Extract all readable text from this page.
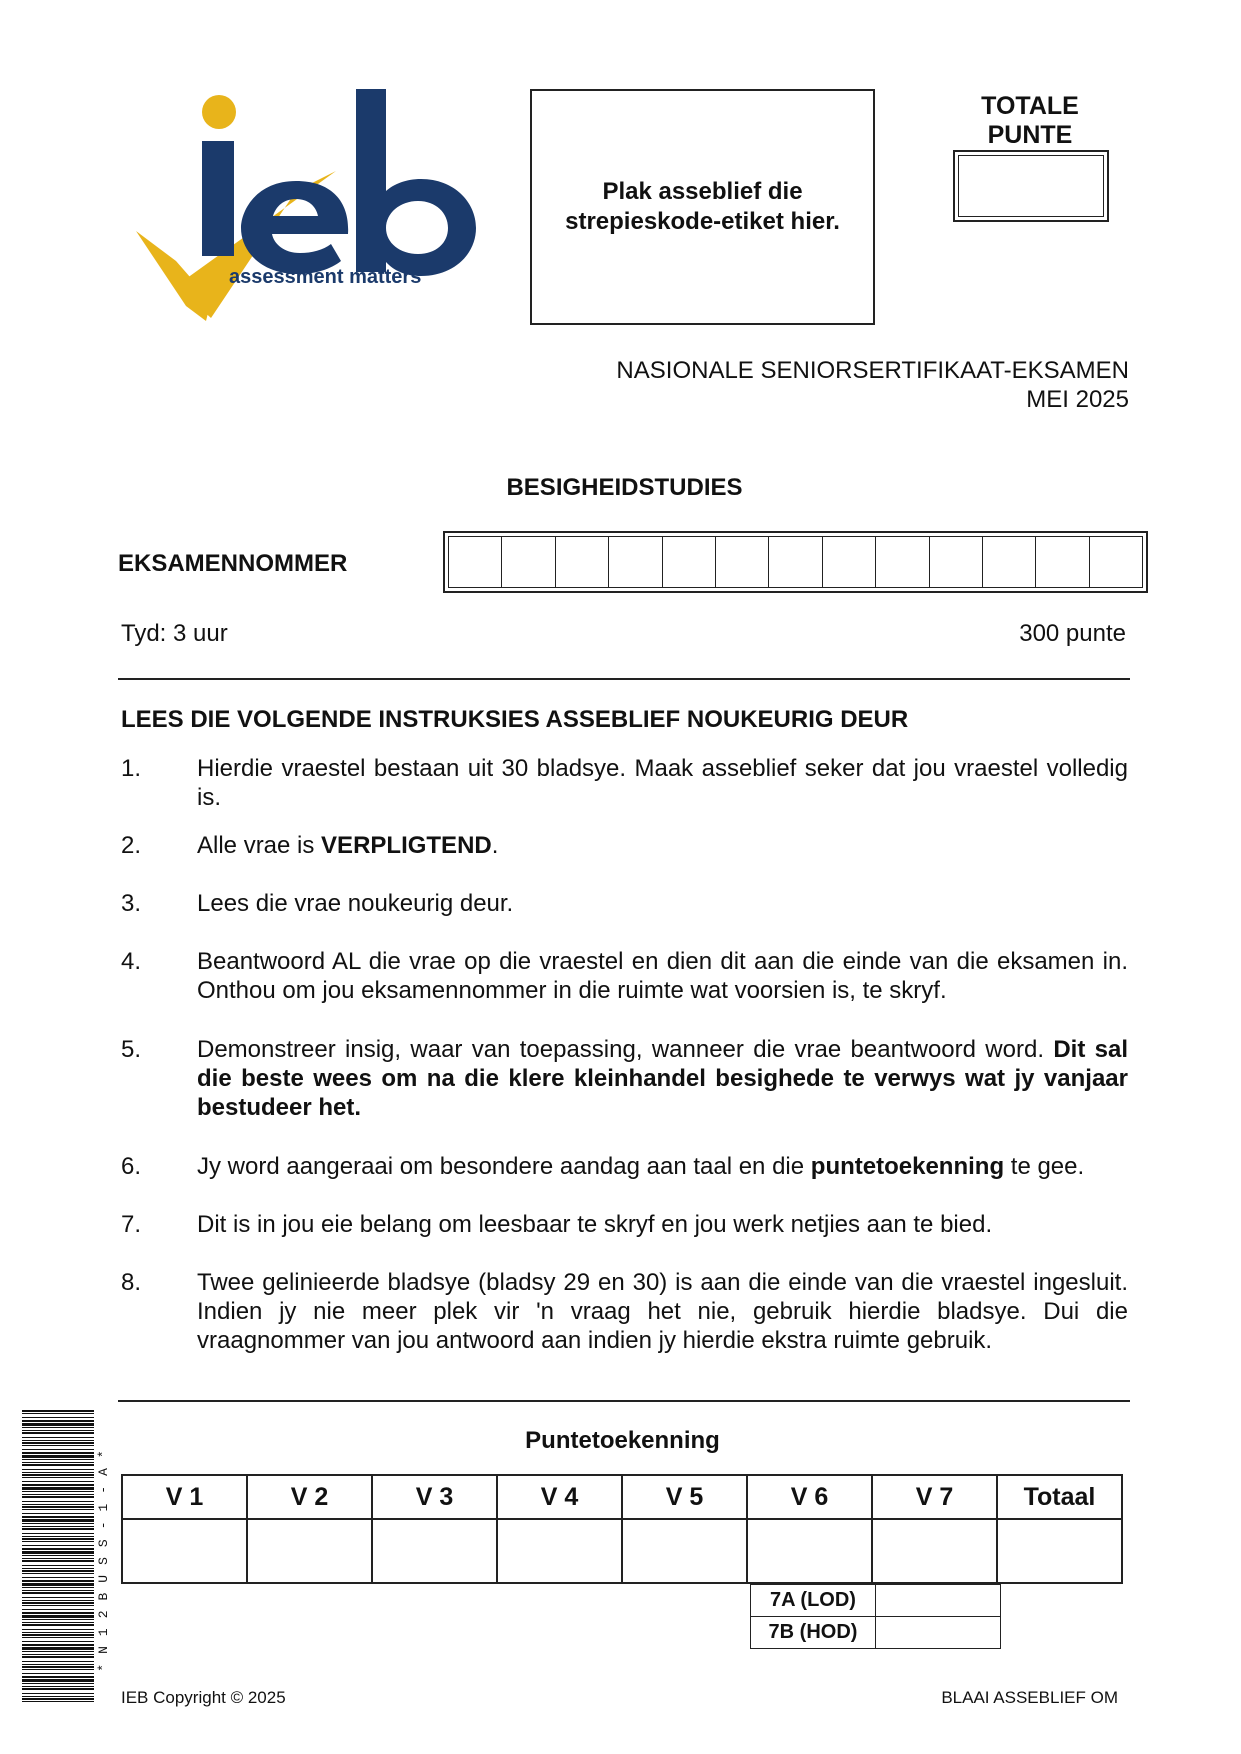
assessment matters
Plak asseblief die
strepieskode-etiket hier.
TOTALE
PUNTE
NASIONALE SENIORSERTIFIKAAT-EKSAMEN
MEI 2025
BESIGHEIDSTUDIES
EKSAMENNOMMER
Tyd: 3 uur	300 punte
LEES DIE VOLGENDE INSTRUKSIES ASSEBLIEF NOUKEURIG DEUR
1. Hierdie vraestel bestaan uit 30 bladsye. Maak asseblief seker dat jou vraestel volledig is.
2. Alle vrae is VERPLIGTEND.
3. Lees die vrae noukeurig deur.
4. Beantwoord AL die vrae op die vraestel en dien dit aan die einde van die eksamen in. Onthou om jou eksamennommer in die ruimte wat voorsien is, te skryf.
5. Demonstreer insig, waar van toepassing, wanneer die vrae beantwoord word. Dit sal die beste wees om na die klere kleinhandel besighede te verwys wat jy vanjaar bestudeer het.
6. Jy word aangeraai om besondere aandag aan taal en die puntetoekenning te gee.
7. Dit is in jou eie belang om leesbaar te skryf en jou werk netjies aan te bied.
8. Twee gelinieerde bladsye (bladsy 29 en 30) is aan die einde van die vraestel ingesluit. Indien jy nie meer plek vir 'n vraag het nie, gebruik hierdie bladsye. Dui die vraagnommer van jou antwoord aan indien jy hierdie ekstra ruimte gebruik.
Puntetoekenning
V 1	V 2	V 3	V 4	V 5	V 6	V 7	Totaal

7A (LOD)	
7B (HOD)	
*N12BUSS-1-A*
IEB Copyright © 2025	BLAAI ASSEBLIEF OM
